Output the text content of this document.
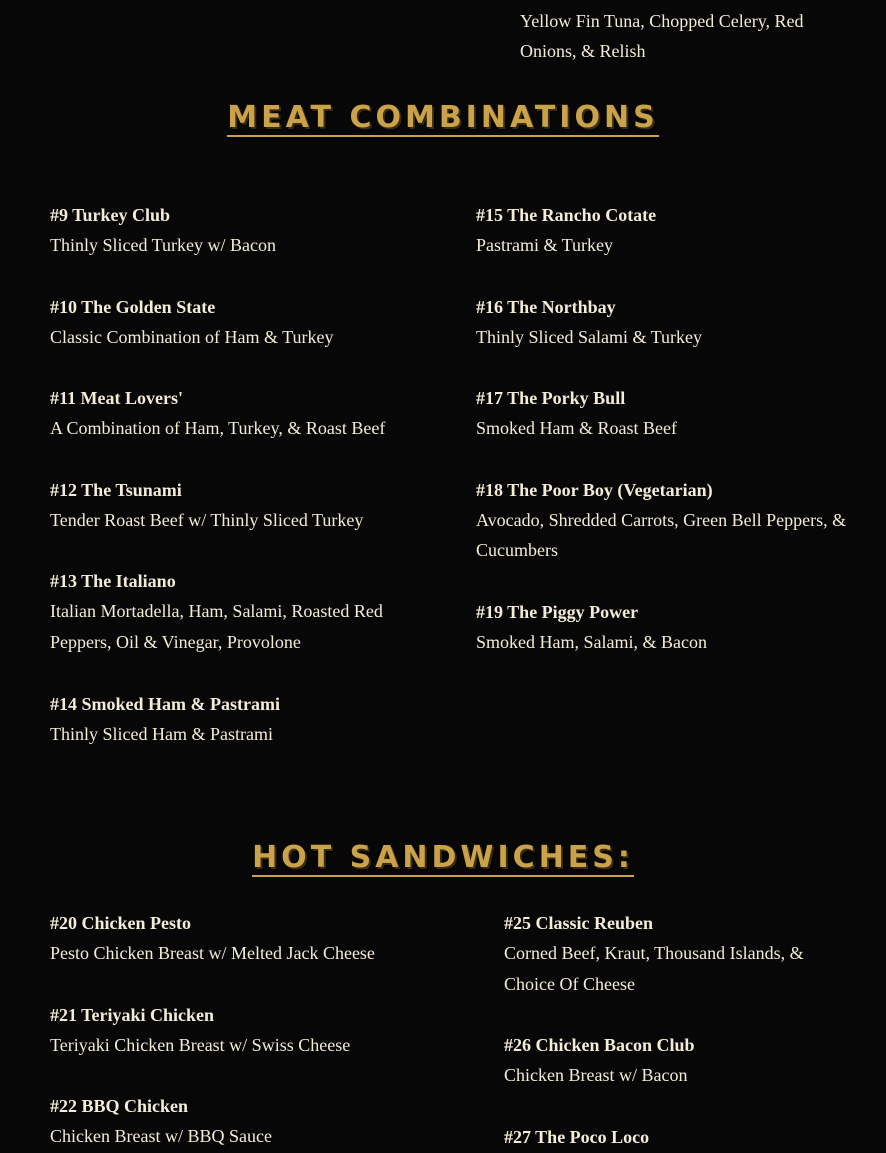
Yellow Fin Tuna, Chopped Celery, Red Onions, & Relish
MEAT COMBINATIONS

#9 Turkey Club

Thinly Sliced Turkey w/ Bacon

#10 The Golden State

Classic Combination of Ham & Turkey

#11 Meat Lovers'

A Combination of Ham, Turkey, & Roast Beef

#12 The Tsunami

Tender Roast Beef w/ Thinly Sliced Turkey

#13 The Italiano

Italian Mortadella, Ham, Salami, Roasted Red Peppers, Oil & Vinegar, Provolone

#14 Smoked Ham & Pastrami

Thinly Sliced Ham & Pastrami

#15 The Rancho Cotate

Pastrami & Turkey

#16 The Northbay

Thinly Sliced Salami & Turkey

#17 The Porky Bull

Smoked Ham & Roast Beef

#18 The Poor Boy (Vegetarian)

Avocado, Shredded Carrots, Green Bell Peppers, & Cucumbers

#19 The Piggy Power

Smoked Ham, Salami, & Bacon

HOT SANDWICHES:

#20 Chicken Pesto

Pesto Chicken Breast w/ Melted Jack Cheese

#21 Teriyaki Chicken

Teriyaki Chicken Breast w/ Swiss Cheese

#22 BBQ Chicken

Chicken Breast w/ BBQ Sauce

#25 Classic Reuben

Corned Beef, Kraut, Thousand Islands, & Choice Of Cheese

#26 Chicken Bacon Club

Chicken Breast w/ Bacon

#27 The Poco Loco
